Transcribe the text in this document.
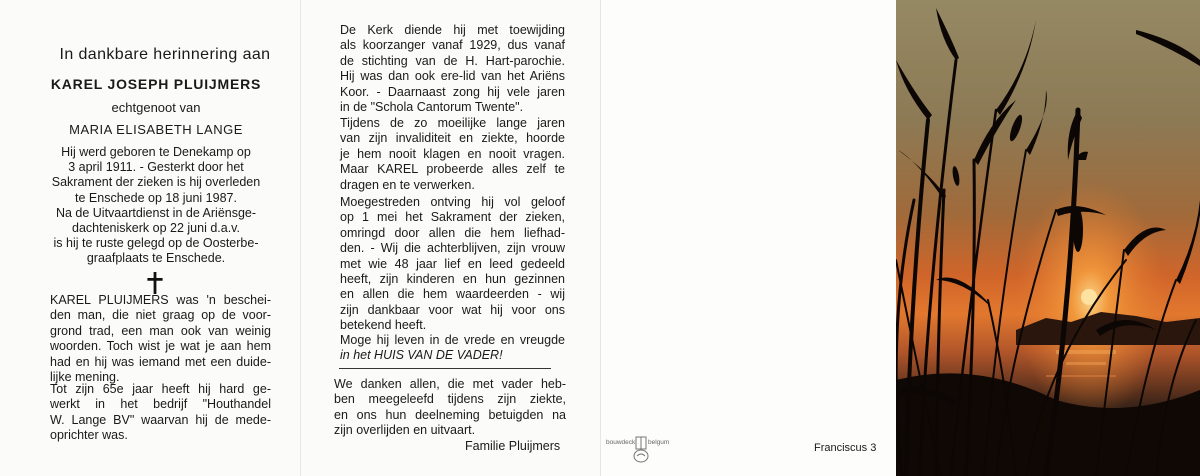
In dankbare herinnering aan
KAREL JOSEPH PLUIJMERS
echtgenoot van
MARIA ELISABETH LANGE
Hij werd geboren te Denekamp op
3 april 1911. - Gesterkt door het
Sakrament der zieken is hij overleden
te Enschede op 18 juni 1987.
Na de Uitvaartdienst in de Ariënsge-
dachteniskerk op 22 juni d.a.v.
is hij te ruste gelegd op de Oosterbe-
graafplaats te Enschede.
KAREL PLUIJMERS was 'n bescheі-
den man, die niet graag op de voor-
grond trad, een man ook van weinig
woorden. Toch wist je wat je aan hem
had en hij was iemand met een duide-
lijke mening.
Tot zijn 65e jaar heeft hij hard ge-
werkt in het bedrijf "Houthandel
W. Lange BV" waarvan hij de mede-
oprichter was.
De Kerk diende hij met toewijding
als koorzanger vanaf 1929, dus vanaf
de stichting van de H. Hart-parochie.
Hij was dan ook ere-lid van het Ariëns
Koor. - Daarnaast zong hij vele jaren
in de "Schola Cantorum Twente".
Tijdens de zo moeilijke lange jaren
van zijn invaliditeit en ziekte, hoorde
je hem nooit klagen en nooit vragen.
Maar KAREL probeerde alles zelf te
dragen en te verwerken.
Moegestreden ontving hij vol geloof
op 1 mei het Sakrament der zieken,
omringd door allen die hem liefhad-
den. - Wij die achterblijven, zijn vrouw
met wie 48 jaar lief en leed gedeeld
heeft, zijn kinderen en hun gezinnen
en allen die hem waardeerden - wij
zijn dankbaar voor wat hij voor ons
betekend heeft.
Moge hij leven in de vrede en vreugde
in het HUIS VAN DE VADER!
We danken allen, die met vader heb-
ben meegeleefd tijdens zijn ziekte,
en ons hun deelneming betuigden na
zijn overlijden en uitvaart.
Familie Pluijmers	bouwdeck belgum	Franciscus 3
